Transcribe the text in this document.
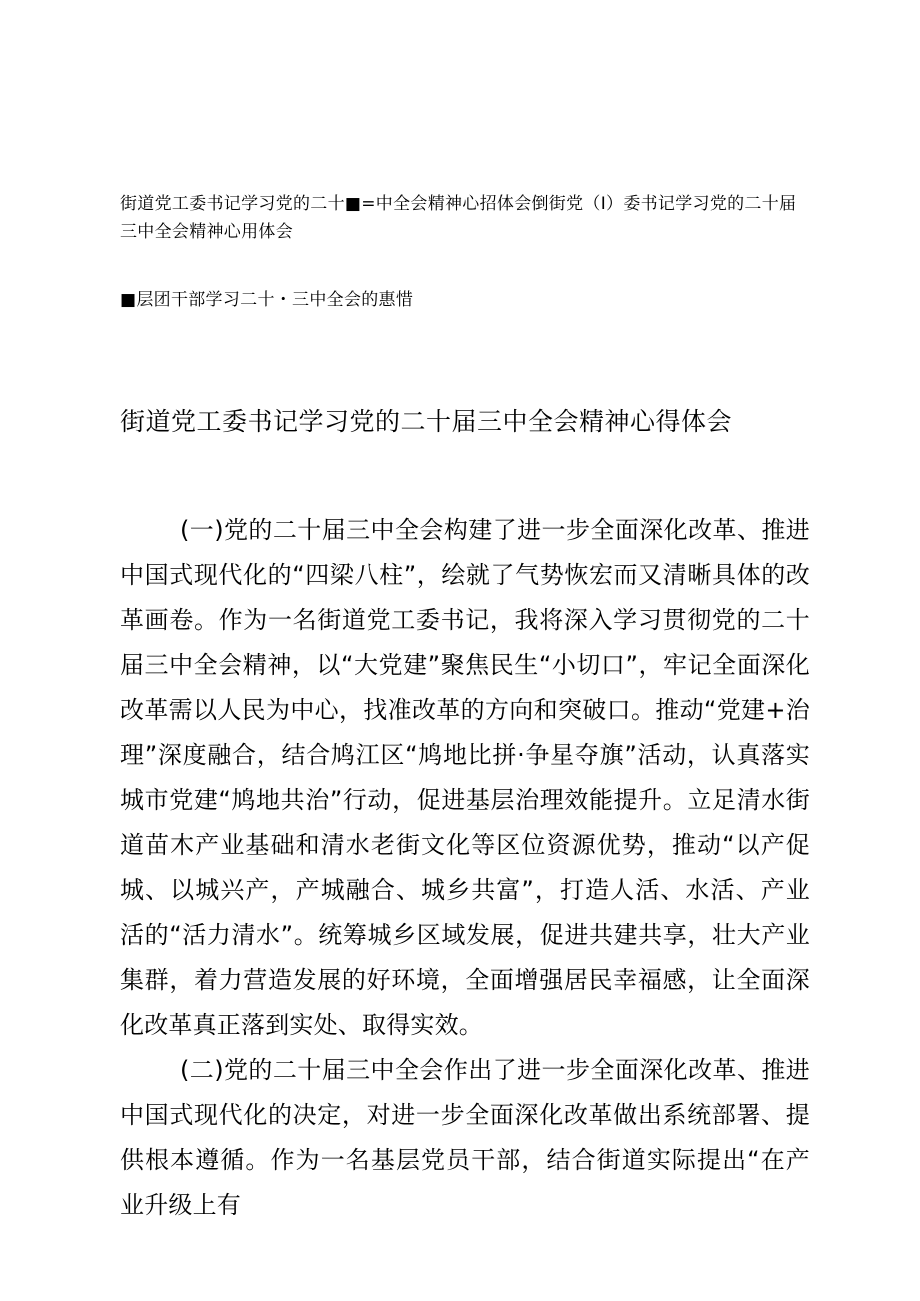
街道党工委书记学习党的二十■=中全会精神心招体会倒街党（I）委书记学习党的二十届三中全会精神心用体会
■层团干部学习二十・三中全会的惠惜
街道党工委书记学习党的二十届三中全会精神心得体会

(一)党的二十届三中全会构建了进一步全面深化改革、推进中国式现代化的“四梁八柱”，绘就了气势恢宏而又清晰具体的改革画卷。作为一名街道党工委书记，我将深入学习贯彻党的二十届三中全会精神，以“大党建”聚焦民生“小切口”，牢记全面深化改革需以人民为中心，找准改革的方向和突破口。推动“党建+治理”深度融合，结合鸠江区“鸠地比拼·争星夺旗”活动，认真落实城市党建“鸠地共治”行动，促进基层治理效能提升。立足清水街道苗木产业基础和清水老街文化等区位资源优势，推动“以产促城、以城兴产，产城融合、城乡共富”，打造人活、水活、产业活的“活力清水”。统筹城乡区域发展，促进共建共享，壮大产业集群，着力营造发展的好环境，全面增强居民幸福感，让全面深化改革真正落到实处、取得实效。

(二)党的二十届三中全会作出了进一步全面深化改革、推进中国式现代化的决定，对进一步全面深化改革做出系统部署、提供根本遵循。作为一名基层党员干部，结合街道实际提出“在产业升级上有
